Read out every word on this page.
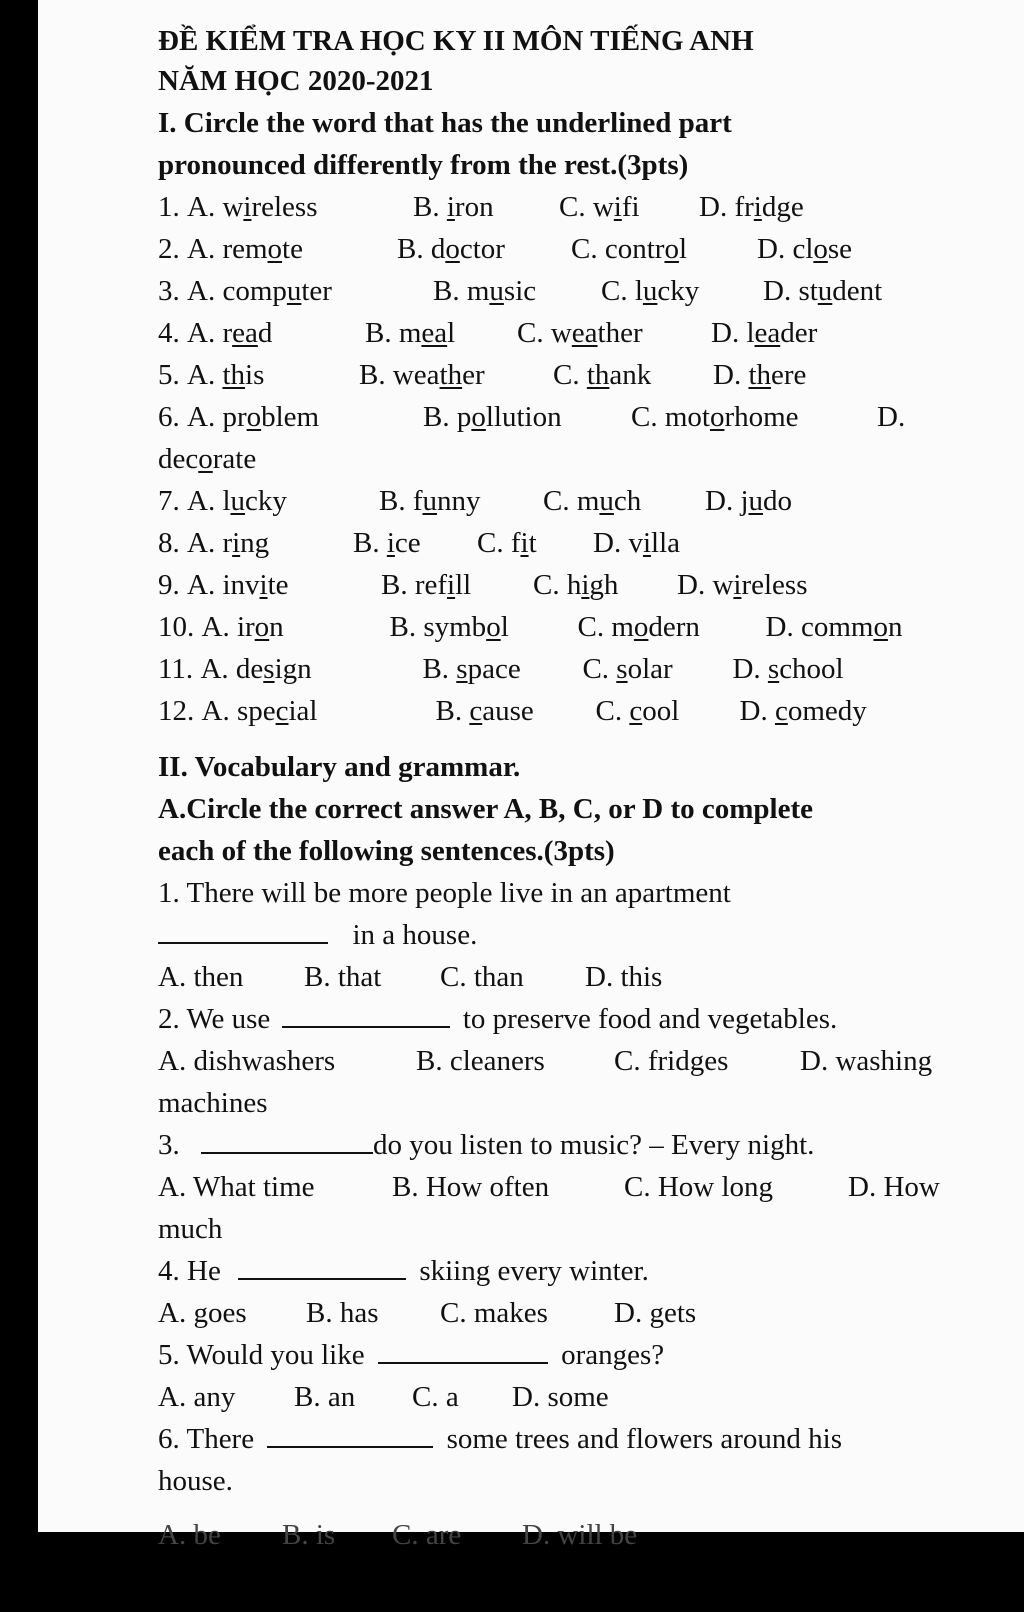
ĐỀ KIỂM TRA HỌC KY II MÔN TIẾNG ANH
NĂM HỌC 2020-2021
I. Circle the word that has the underlined part
pronounced differently from the rest.(3pts)
1. A. wireless	B. iron C. wifi D. fridge
2. A. remote	B. doctor C. control D. close
3. A. computer	B. music C. lucky D. student
4. A. read	B. meal C. weather D. leader
5. A. this	B. weather C. thank D. there
6. A. problem	B. pollution C. motorhome	D.
decorate
7. A. lucky	B. funny C. much D. judo
8. A. ring	B. ice C. fit D. villa
9. A. invite	B. refill C. high D. wireless
10. A. iron	B. symbol C. modern D. common
11. A. design	B. space C. solar D. school
12. A. special	B. cause C. cool D. comedy
II. Vocabulary and grammar.
A.Circle the correct answer A, B, C, or D to complete
each of the following sentences.(3pts)
1. There will be more people live in an apartment
in a house.
A. then B. that C. than D. this
2. We use	to preserve food and vegetables.
A. dishwashers	B. cleaners C. fridges D. washing
machines
3.	do you listen to music? – Every night.
A. What time	B. How often	C. How long	D. How
much
4. He	skiing every winter.
A. goes B. has C. makes D. gets
5. Would you like	oranges?
A. any B. an C. a D. some
6. There	some trees and flowers around his
house.
A. be B. is C. are D. will be
